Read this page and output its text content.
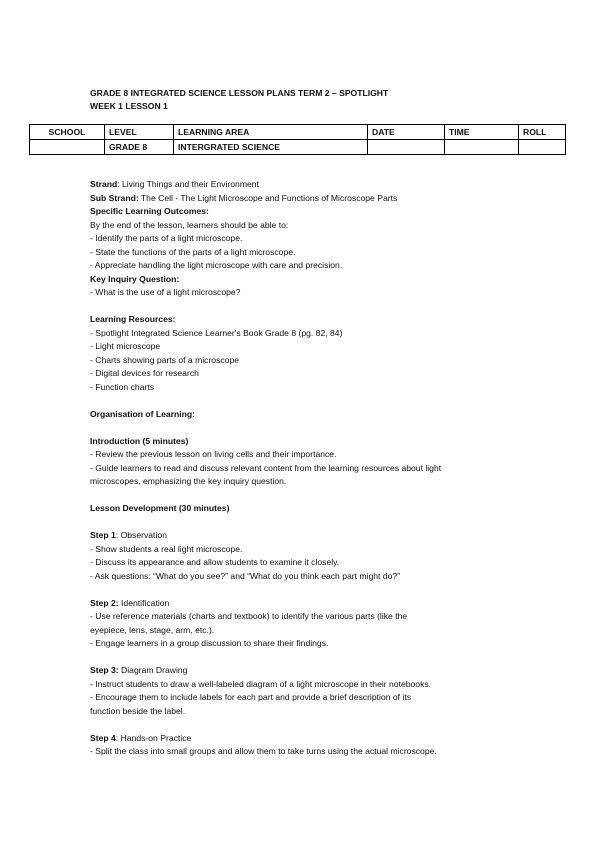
GRADE 8 INTEGRATED SCIENCE LESSON PLANS TERM 2 – SPOTLIGHT
WEEK 1 LESSON 1
SCHOOL	LEVEL	LEARNING AREA	DATE	TIME	ROLL
	GRADE 8	INTERGRATED SCIENCE			

Strand: Living Things and their Environment

Sub Strand: The Cell - The Light Microscope and Functions of Microscope Parts

Specific Learning Outcomes:

By the end of the lesson, learners should be able to:

- Identify the parts of a light microscope.

- State the functions of the parts of a light microscope.

- Appreciate handling the light microscope with care and precision.

Key Inquiry Question:

- What is the use of a light microscope?

Learning Resources:

- Spotlight Integrated Science Learner's Book Grade 8 (pg. 82, 84)

- Light microscope

- Charts showing parts of a microscope

- Digital devices for research

- Function charts

Organisation of Learning:

Introduction (5 minutes)

- Review the previous lesson on living cells and their importance.

- Guide learners to read and discuss relevant content from the learning resources about light

microscopes, emphasizing the key inquiry question.

Lesson Development (30 minutes)

Step 1: Observation

- Show students a real light microscope.

- Discuss its appearance and allow students to examine it closely.

- Ask questions: “What do you see?” and “What do you think each part might do?”

Step 2: Identification

- Use reference materials (charts and textbook) to identify the various parts (like the

eyepiece, lens, stage, arm, etc.).

- Engage learners in a group discussion to share their findings.

Step 3: Diagram Drawing

- Instruct students to draw a well-labeled diagram of a light microscope in their notebooks.

- Encourage them to include labels for each part and provide a brief description of its

function beside the label.

Step 4: Hands-on Practice

- Split the class into small groups and allow them to take turns using the actual microscope.
